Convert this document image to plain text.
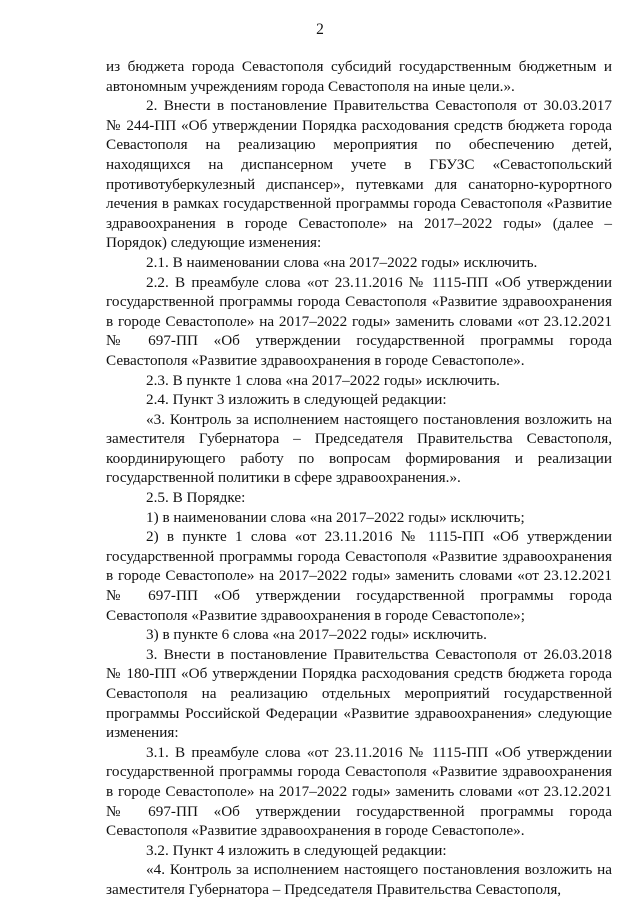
2

из бюджета города Севастополя субсидий государственным бюджетным и автономным учреждениям города Севастополя на иные цели.».

2. Внести в постановление Правительства Севастополя от 30.03.2017 № 244-ПП «Об утверждении Порядка расходования средств бюджета города Севастополя на реализацию мероприятия по обеспечению детей, находящихся на диспансерном учете в ГБУЗС «Севастопольский противотуберкулезный диспансер», путевками для санаторно-курортного лечения в рамках государственной программы города Севастополя «Развитие здравоохранения в городе Севастополе» на 2017–2022 годы» (далее – Порядок) следующие изменения:

2.1. В наименовании слова «на 2017–2022 годы» исключить.

2.2. В преамбуле слова «от 23.11.2016 № 1115-ПП «Об утверждении государственной программы города Севастополя «Развитие здравоохранения в городе Севастополе» на 2017–2022 годы» заменить словами «от 23.12.2021 № 697-ПП «Об утверждении государственной программы города Севастополя «Развитие здравоохранения в городе Севастополе».

2.3. В пункте 1 слова «на 2017–2022 годы» исключить.

2.4. Пункт 3 изложить в следующей редакции:

«3. Контроль за исполнением настоящего постановления возложить на заместителя Губернатора – Председателя Правительства Севастополя, координирующего работу по вопросам формирования и реализации государственной политики в сфере здравоохранения.».

2.5. В Порядке:

1) в наименовании слова «на 2017–2022 годы» исключить;

2) в пункте 1 слова «от 23.11.2016 № 1115-ПП «Об утверждении государственной программы города Севастополя «Развитие здравоохранения в городе Севастополе» на 2017–2022 годы» заменить словами «от 23.12.2021 № 697-ПП «Об утверждении государственной программы города Севастополя «Развитие здравоохранения в городе Севастополе»;

3) в пункте 6 слова «на 2017–2022 годы» исключить.

3. Внести в постановление Правительства Севастополя от 26.03.2018 № 180-ПП «Об утверждении Порядка расходования средств бюджета города Севастополя на реализацию отдельных мероприятий государственной программы Российской Федерации «Развитие здравоохранения» следующие изменения:

3.1. В преамбуле слова «от 23.11.2016 № 1115-ПП «Об утверждении государственной программы города Севастополя «Развитие здравоохранения в городе Севастополе» на 2017–2022 годы» заменить словами «от 23.12.2021 № 697-ПП «Об утверждении государственной программы города Севастополя «Развитие здравоохранения в городе Севастополе».

3.2. Пункт 4 изложить в следующей редакции:

«4. Контроль за исполнением настоящего постановления возложить на заместителя Губернатора – Председателя Правительства Севастополя,
